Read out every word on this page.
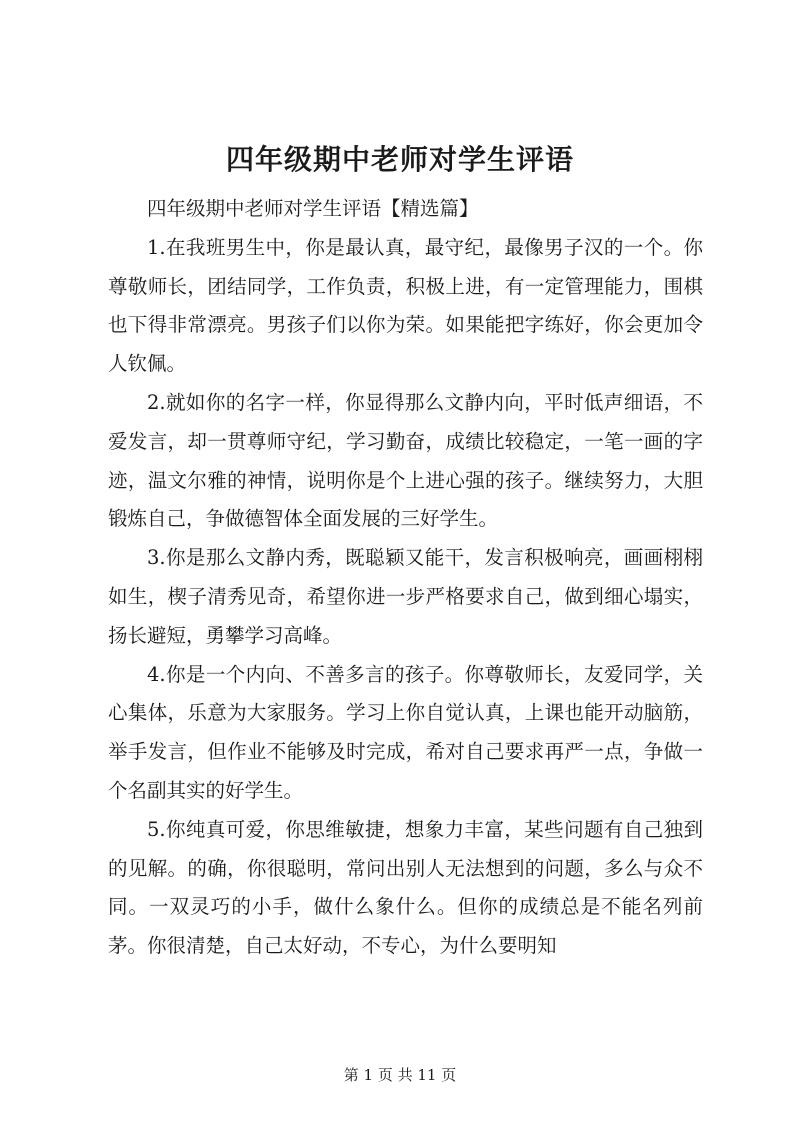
四年级期中老师对学生评语

四年级期中老师对学生评语【精选篇】

1.在我班男生中，你是最认真，最守纪，最像男子汉的一个。你尊敬师长，团结同学，工作负责，积极上进，有一定管理能力，围棋也下得非常漂亮。男孩子们以你为荣。如果能把字练好，你会更加令人钦佩。

2.就如你的名字一样，你显得那么文静内向，平时低声细语，不爱发言，却一贯尊师守纪，学习勤奋，成绩比较稳定，一笔一画的字迹，温文尔雅的神情，说明你是个上进心强的孩子。继续努力，大胆锻炼自己，争做德智体全面发展的三好学生。

3.你是那么文静内秀，既聪颖又能干，发言积极响亮，画画栩栩如生，楔子清秀见奇，希望你进一步严格要求自己，做到细心塌实，扬长避短，勇攀学习高峰。

4.你是一个内向、不善多言的孩子。你尊敬师长，友爱同学，关心集体，乐意为大家服务。学习上你自觉认真，上课也能开动脑筋，举手发言，但作业不能够及时完成，希对自己要求再严一点，争做一个名副其实的好学生。

5.你纯真可爱，你思维敏捷，想象力丰富，某些问题有自己独到的见解。的确，你很聪明，常问出别人无法想到的问题，多么与众不同。一双灵巧的小手，做什么象什么。但你的成绩总是不能名列前茅。你很清楚，自己太好动，不专心，为什么要明知

第 1 页 共 11 页
